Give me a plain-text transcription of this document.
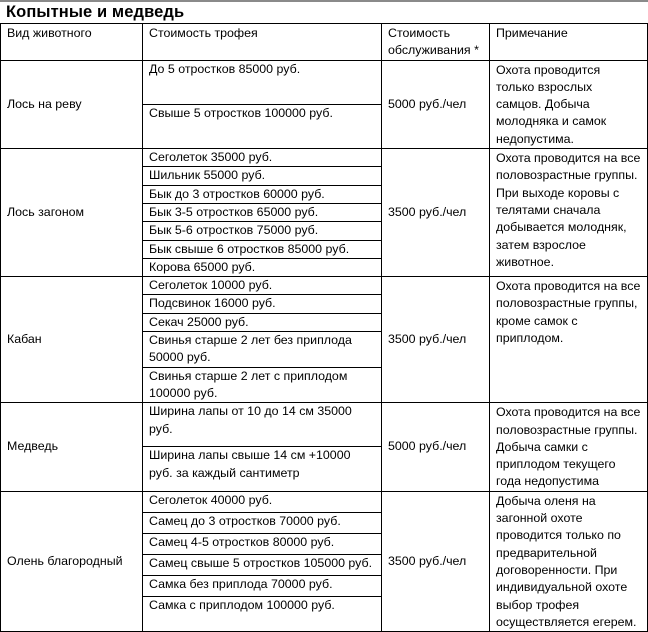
Копытные и медведь
Вид животного	Стоимость трофея	Стоимость обслуживания *	Примечание
Лось на реву	До 5 отростков 85000 руб.	5000 руб./чел	Охота проводится только взрослых самцов. Добыча молодняка и самок недопустима.
	Свыше 5 отростков 100000 руб.		
Лось загоном	Сеголеток 35000 руб.	3500 руб./чел	Охота проводится на все половозрастные группы. При выходе коровы с телятами сначала добывается молодняк, затем взрослое животное.
	Шильник 55000 руб.		
	Бык до 3 отростков 60000 руб.		
	Бык 3-5 отростков 65000 руб.		
	Бык 5-6 отростков 75000 руб.		
	Бык свыше 6 отростков 85000 руб.		
	Корова 65000 руб.		
Кабан	Сеголеток 10000 руб.	3500 руб./чел	Охота проводится на все половозрастные группы, кроме самок с приплодом.
	Подсвинок 16000 руб.		
	Секач 25000 руб.		
	Свинья старше 2 лет без приплода 50000 руб.		
	Свинья старше 2 лет с приплодом 100000 руб.		
Медведь	Ширина лапы от 10 до 14 см 35000 руб.	5000 руб./чел	Охота проводится на все половозрастные группы. Добыча самки с приплодом текущего года недопустима
	Ширина лапы свыше 14 см +10000 руб. за каждый сантиметр		
Олень благородный	Сеголеток 40000 руб.	3500 руб./чел	Добыча оленя на загонной охоте проводится только по предварительной договоренности. При индивидуальной охоте выбор трофея осуществляется егерем.
	Самец до 3 отростков 70000 руб.		
	Самец 4-5 отростков 80000 руб.		
	Самец свыше 5 отростков 105000 руб.		
	Самка без приплода 70000 руб.		
	Самка с приплодом 100000 руб.		
